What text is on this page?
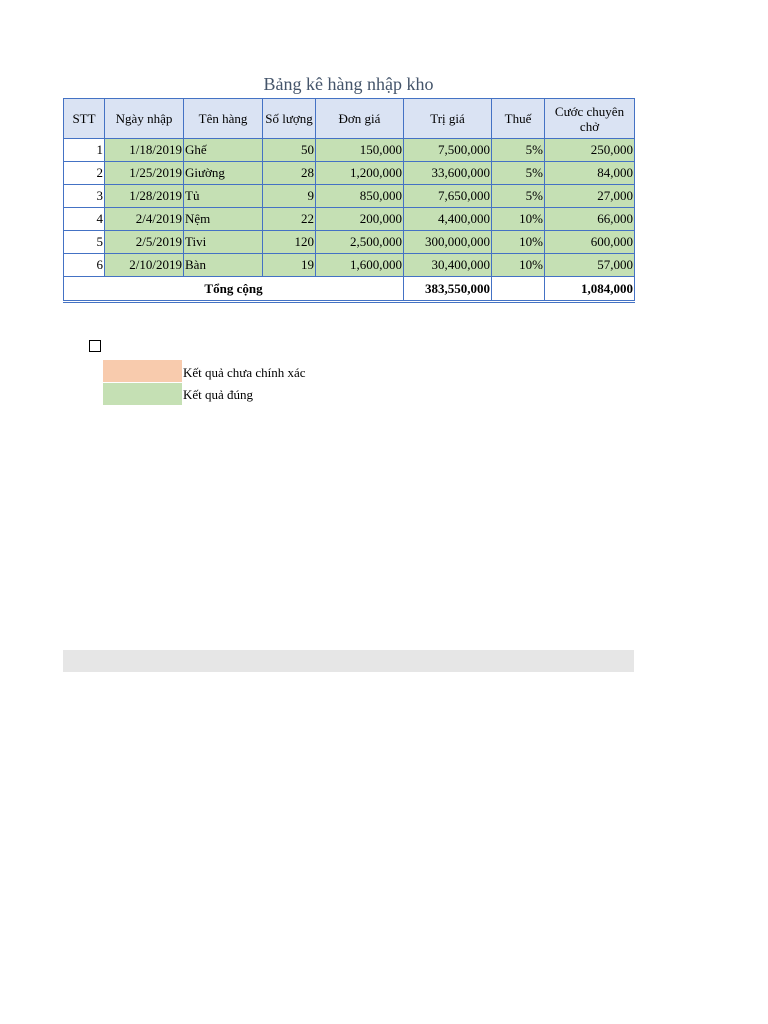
Bảng kê hàng nhập kho
STT	Ngày nhập	Tên hàng	Số lượng	Đơn giá	Trị giá	Thuế	Cước chuyên chở
1	1/18/2019	Ghế	50	150,000	7,500,000	5%	250,000
2	1/25/2019	Giường	28	1,200,000	33,600,000	5%	84,000
3	1/28/2019	Tủ	9	850,000	7,650,000	5%	27,000
4	2/4/2019	Nệm	22	200,000	4,400,000	10%	66,000
5	2/5/2019	Tivi	120	2,500,000	300,000,000	10%	600,000
6	2/10/2019	Bàn	19	1,600,000	30,400,000	10%	57,000
Tổng cộng					383,550,000		1,084,000
Kết quả chưa chính xác
Kết quả đúng
